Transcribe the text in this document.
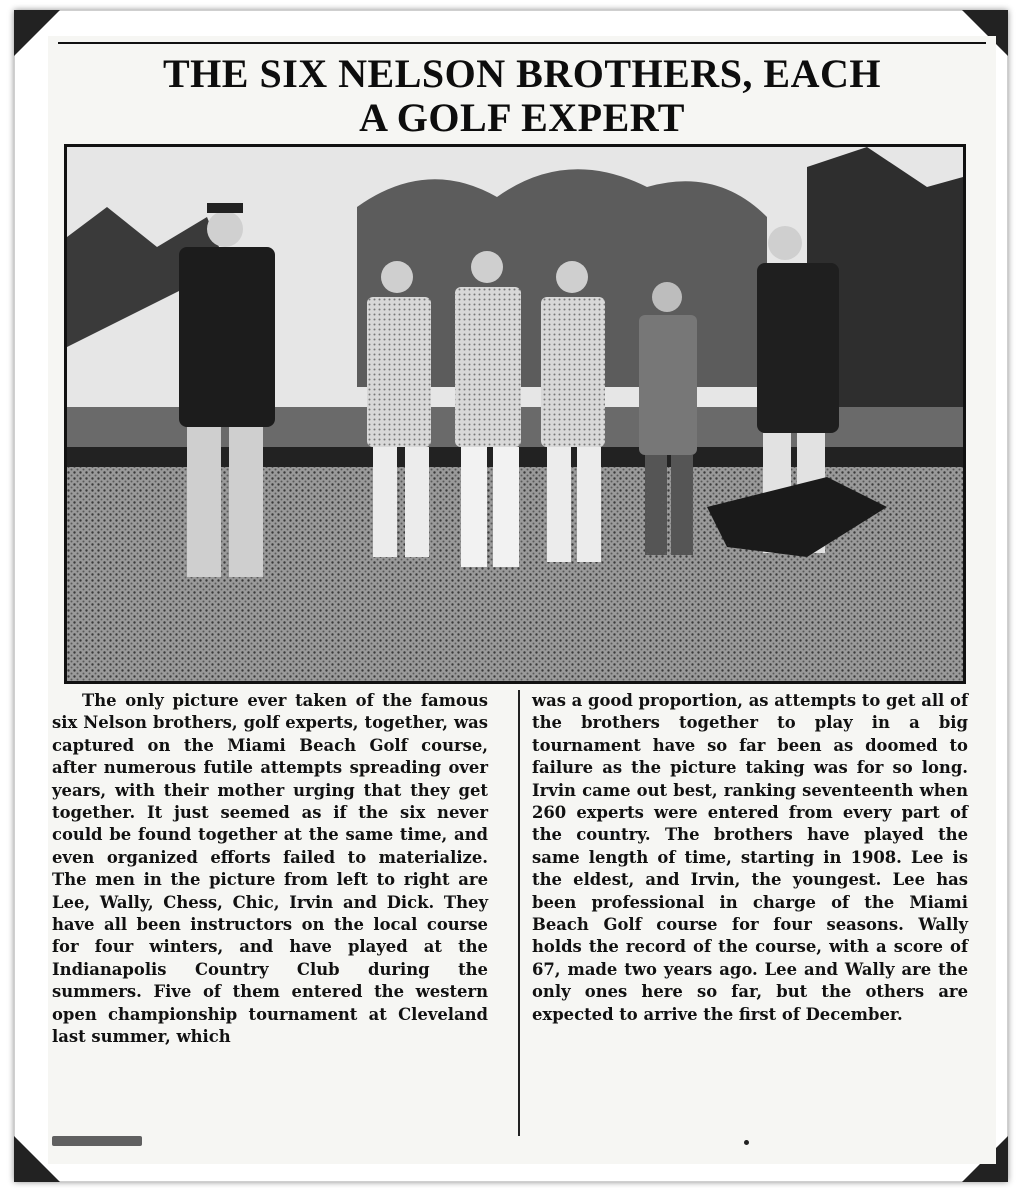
THE SIX NELSON BROTHERS, EACH
A GOLF EXPERT

The only picture ever taken of the famous six Nelson brothers, golf experts, together, was captured on the Miami Beach Golf course, after numerous futile attempts spreading over years, with their mother urging that they get together. It just seemed as if the six never could be found together at the same time, and even organized efforts failed to materialize. The men in the picture from left to right are Lee, Wally, Chess, Chic, Irvin and Dick. They have all been instructors on the local course for four winters, and have played at the Indianapolis Country Club during the summers. Five of them entered the western open championship tournament at Cleveland last summer, which

was a good proportion, as attempts to get all of the brothers together to play in a big tournament have so far been as doomed to failure as the picture taking was for so long. Irvin came out best, ranking seventeenth when 260 experts were entered from every part of the country. The brothers have played the same length of time, starting in 1908. Lee is the eldest, and Irvin, the youngest. Lee has been professional in charge of the Miami Beach Golf course for four seasons. Wally holds the record of the course, with a score of 67, made two years ago. Lee and Wally are the only ones here so far, but the others are expected to arrive the first of December.
